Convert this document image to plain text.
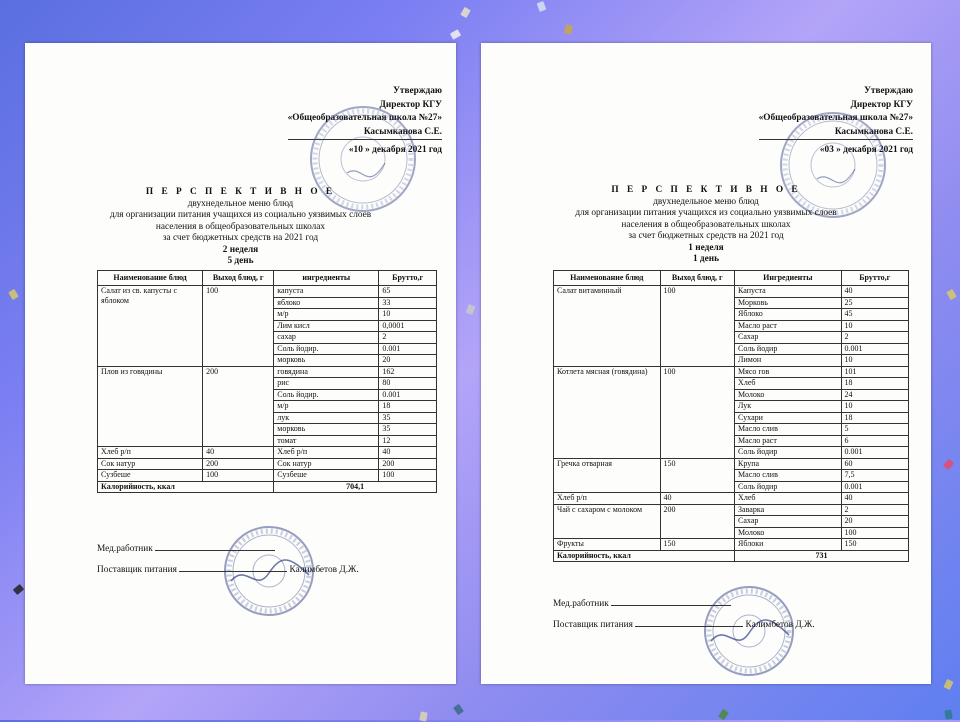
Утверждаю
Директор КГУ
«Общеобразовательная школа №27»
Касымканова С.Е.
«10 » декабря 2021 год
П Е Р С П Е К Т И В Н О Е
двухнедельное меню блюд
для организации питания учащихся из социально уязвимых слоев
населения в общеобразовательных школах
за счет бюджетных средств на 2021 год
2 неделя
5 день
Наименование блюд	Выход блюд, г	ингредиенты	Брутто,г
Салат из св. капусты с яблоком	100	капуста	65
		яблоко	33
		м/р	10
		Лим кисл	0,0001
		сахар	2
		Соль йодир.	0.001
		морковь	20
Плов из говядины	200	говядина	162
		рис	80
		Соль йодир.	0.001
		м/р	18
		лук	35
		морковь	35
		томат	12
Хлеб р/п	40	Хлеб р/п	40
Сок натур	200	Сок натур	200
Сузбеше	100	Сузбеше	100
Калорийность, ккал		704,1	
Мед.работник
Поставщик питания	Калимбетов Д.Ж.
Утверждаю
Директор КГУ
«Общеобразовательная школа №27»
Касымканова С.Е.
«03 » декабря 2021 год
П Е Р С П Е К Т И В Н О Е
двухнедельное меню блюд
для организации питания учащихся из социально уязвимых слоев
населения в общеобразовательных школах
за счет бюджетных средств на 2021 год
1 неделя
1 день
Наименование блюд	Выход блюд, г	Ингредиенты	Брутто,г
Салат витаминный	100	Капуста	40
		Морковь	25
		Яблоко	45
		Масло раст	10
		Сахар	2
		Соль йодир	0.001
		Лимон	10
Котлета мясная (говядина)	100	Мясо гов	101
		Хлеб	18
		Молоко	24
		Лук	10
		Сухари	18
		Масло слив	5
		Масло раст	6
		Соль йодир	0.001
Гречка отварная	150	Крупа	60
		Масло слив	7,5
		Соль йодир	0.001
Хлеб р/п	40	Хлеб	40
Чай с сахаром с молоком	200	Заварка	2
		Сахар	20
		Молоко	100
Фрукты	150	Яблоки	150
Калорийность, ккал		731	
Мед.работник
Поставщик питания	Калимбетов Д.Ж.
